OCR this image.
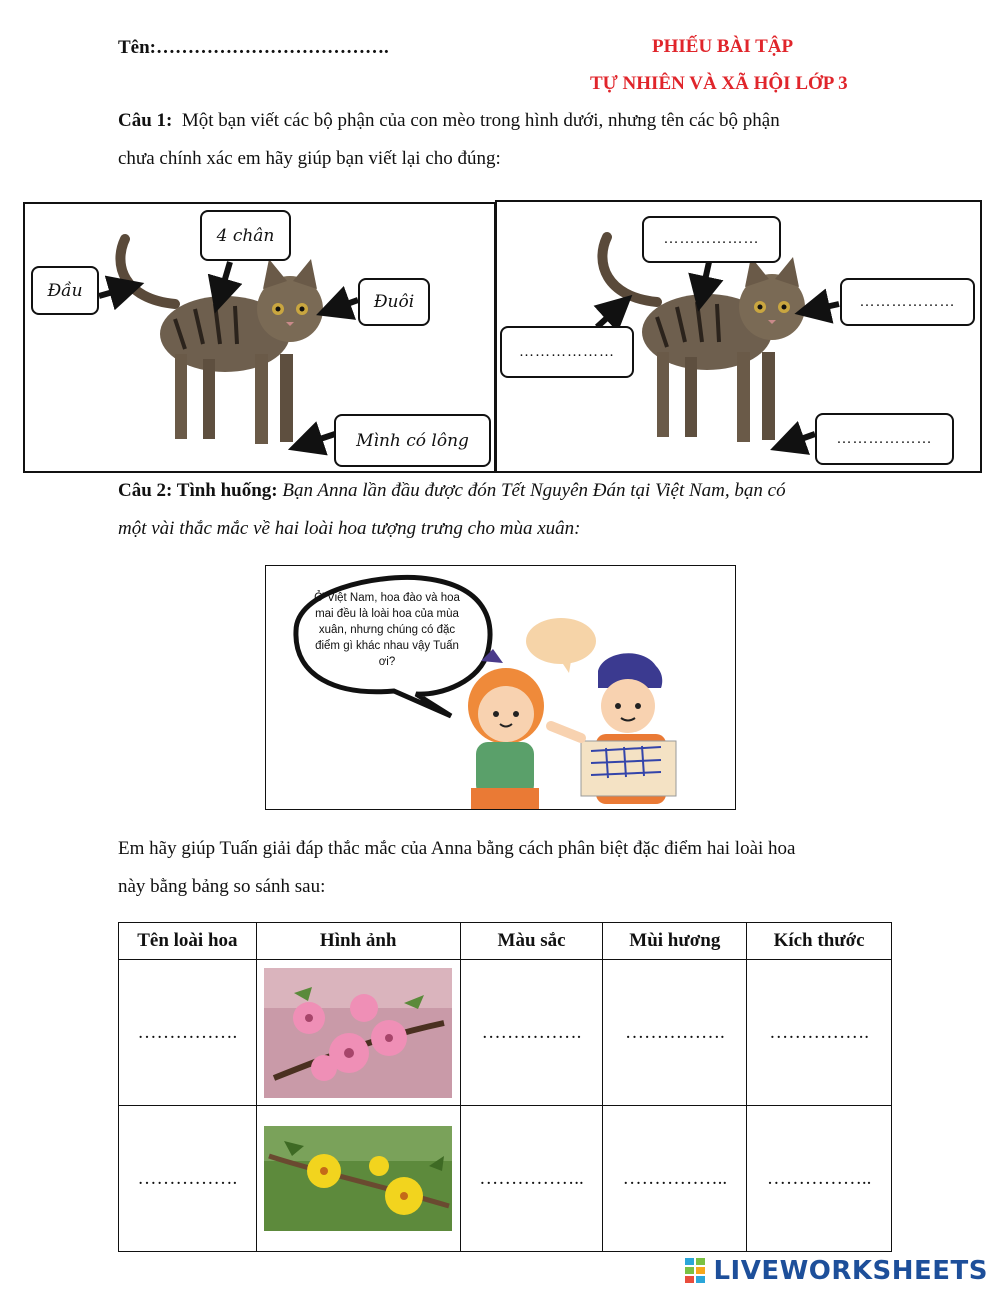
Tên:……………………………….	PHIẾU BÀI TẬP
TỰ NHIÊN VÀ XÃ HỘI LỚP 3
Câu 1: Một bạn viết các bộ phận của con mèo trong hình dưới, nhưng tên các bộ phận
chưa chính xác em hãy giúp bạn viết lại cho đúng:
4 chân
Đầu
Đuôi
Mình có lông
………………
………………
………………
………………
Câu 2: Tình huống: Bạn Anna lần đầu được đón Tết Nguyên Đán tại Việt Nam, bạn có
một vài thắc mắc về hai loài hoa tượng trưng cho mùa xuân:
Ở Việt Nam, hoa đào và hoa mai đều là loài hoa của mùa xuân, nhưng chúng có đặc điểm gì khác nhau vậy Tuấn ơi?
Em hãy giúp Tuấn giải đáp thắc mắc của Anna bằng cách phân biệt đặc điểm hai loài hoa
này bằng bảng so sánh sau:
Tên loài hoa	Hình ảnh	Màu sắc	Mùi hương	Kích thước
…………….		…………….	…………….	…………….
…………….		……………..	……………..	……………..
LIVEWORKSHEETS
